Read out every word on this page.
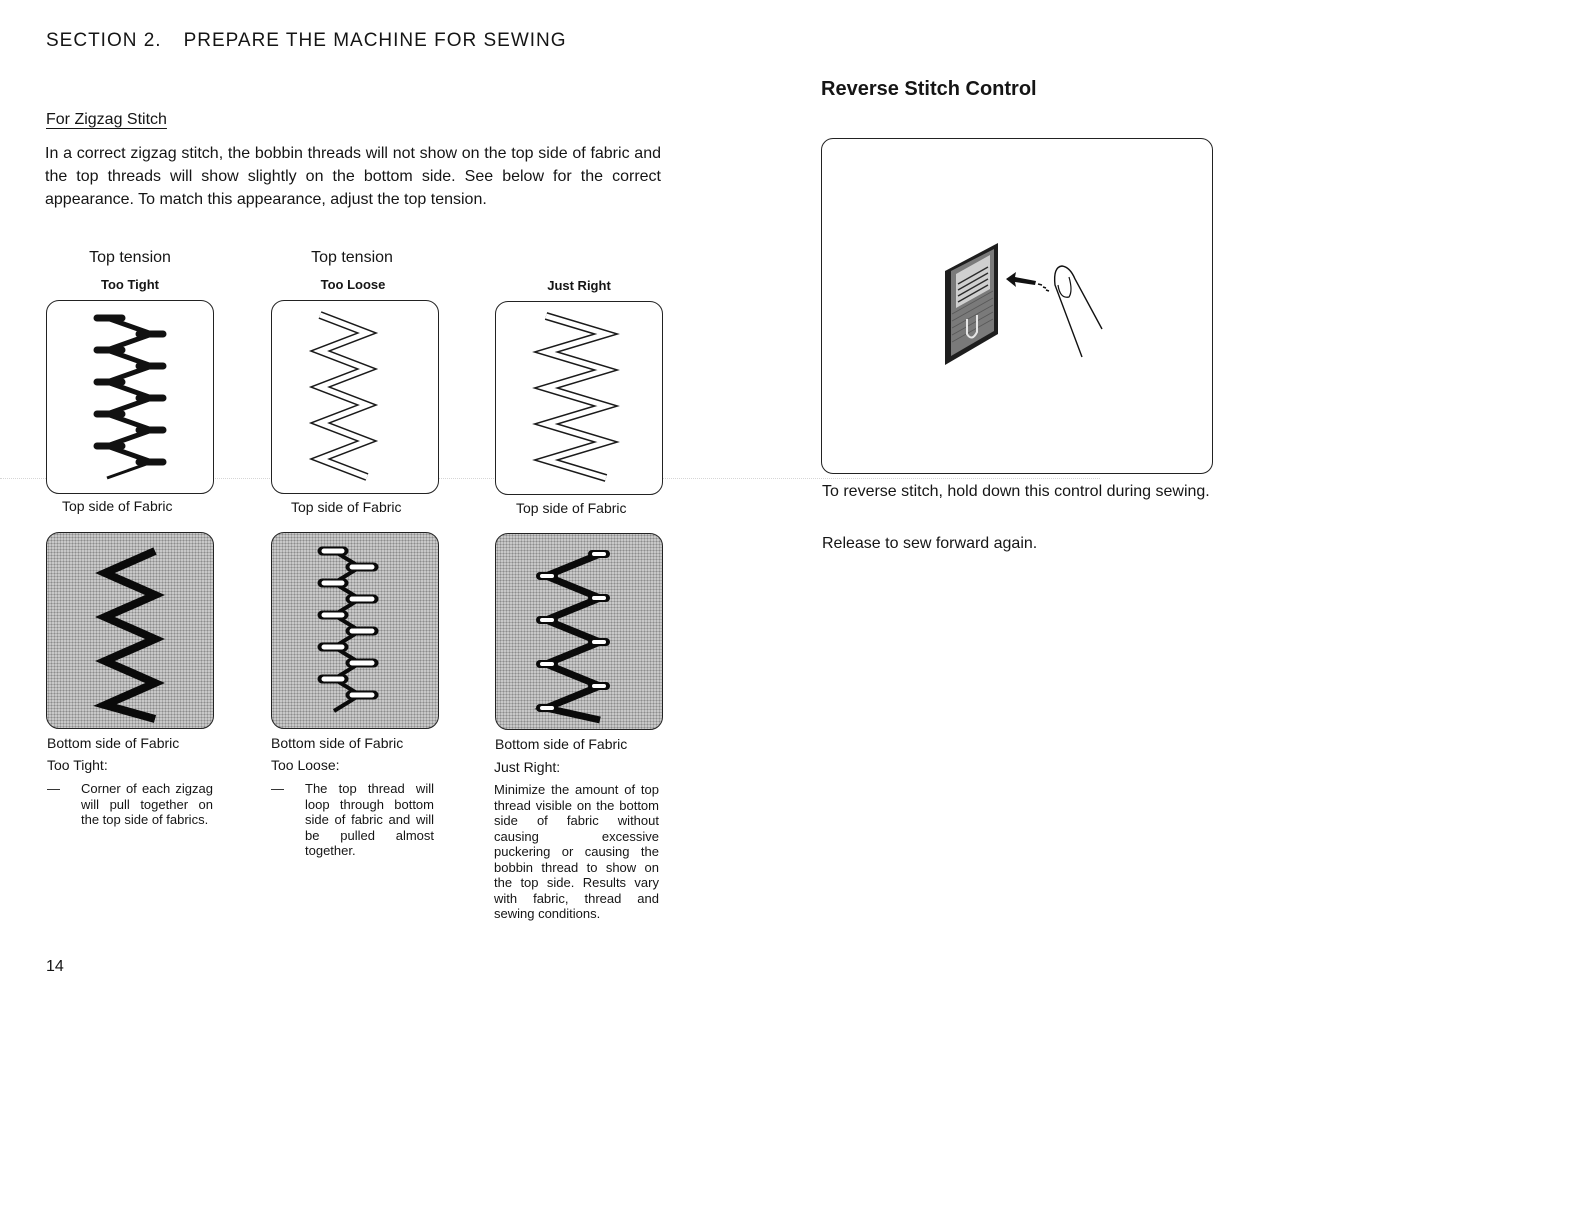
SECTION 2. PREPARE THE MACHINE FOR SEWING
For Zigzag Stitch
In a correct zigzag stitch, the bobbin threads will not show on the top side of fabric and the top threads will show slightly on the bottom side. See below for the correct appearance. To match this appearance, adjust the top tension.
Top tension
Too Tight
Top side of Fabric
Bottom side of Fabric
Too Tight:
—	Corner of each zigzag will pull together on the top side of fabrics.
Top tension
Too Loose
Top side of Fabric
Bottom side of Fabric
Too Loose:
—	The top thread will loop through bottom side of fabric and will be pulled almost together.
Just Right
Top side of Fabric
Bottom side of Fabric
Just Right:
Minimize the amount of top thread visible on the bottom side of fabric without causing excessive puckering or causing the bobbin thread to show on the top side. Results vary with fabric, thread and sewing conditions.
14
Reverse Stitch Control
To reverse stitch, hold down this control during sewing.
Release to sew forward again.
